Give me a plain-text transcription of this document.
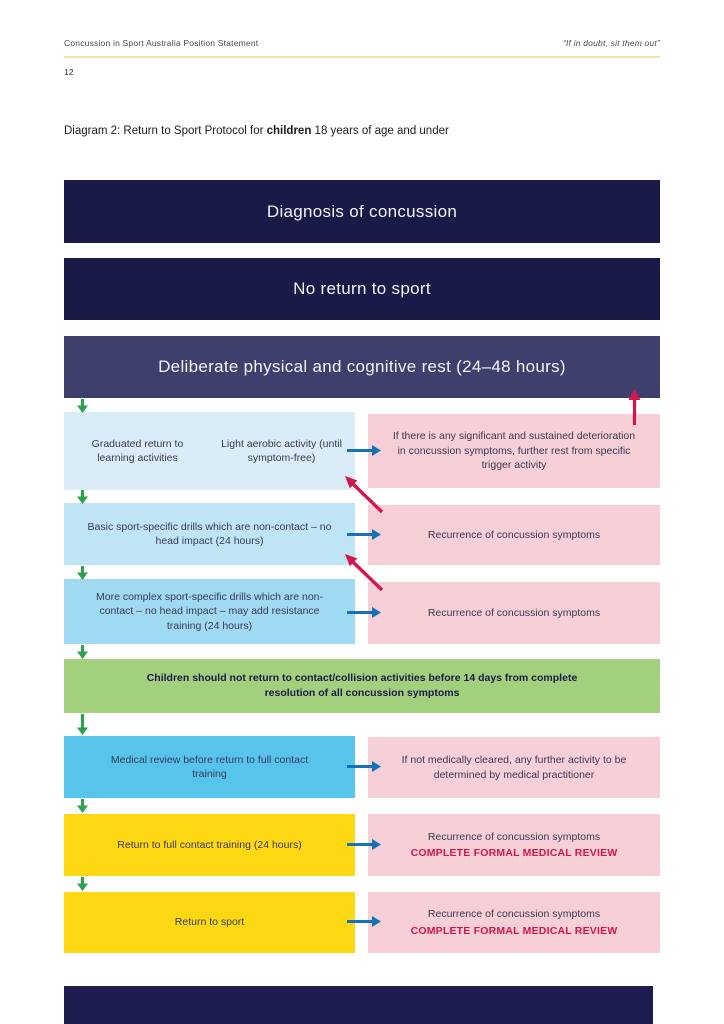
Concussion in Sport Australia Position Statement	“If in doubt, sit them out”
12
Diagram 2: Return to Sport Protocol for children 18 years of age and under
Diagnosis of concussion
No return to sport
Deliberate physical and cognitive rest (24–48 hours)
Graduated return to learning activities
Light aerobic activity (until symptom-free)
If there is any significant and sustained deterioration in concussion symptoms, further rest from specific trigger activity
Basic sport-specific drills which are non-contact – no head impact (24 hours)
Recurrence of concussion symptoms
More complex sport-specific drills which are non-contact – no head impact – may add resistance training (24 hours)
Recurrence of concussion symptoms
Children should not return to contact/collision activities before 14 days from complete resolution of all concussion symptoms
Medical review before return to full contact training
If not medically cleared, any further activity to be determined by medical practitioner
Return to full contact training (24 hours)
Recurrence of concussion symptoms
COMPLETE FORMAL MEDICAL REVIEW
Return to sport
Recurrence of concussion symptoms
COMPLETE FORMAL MEDICAL REVIEW
